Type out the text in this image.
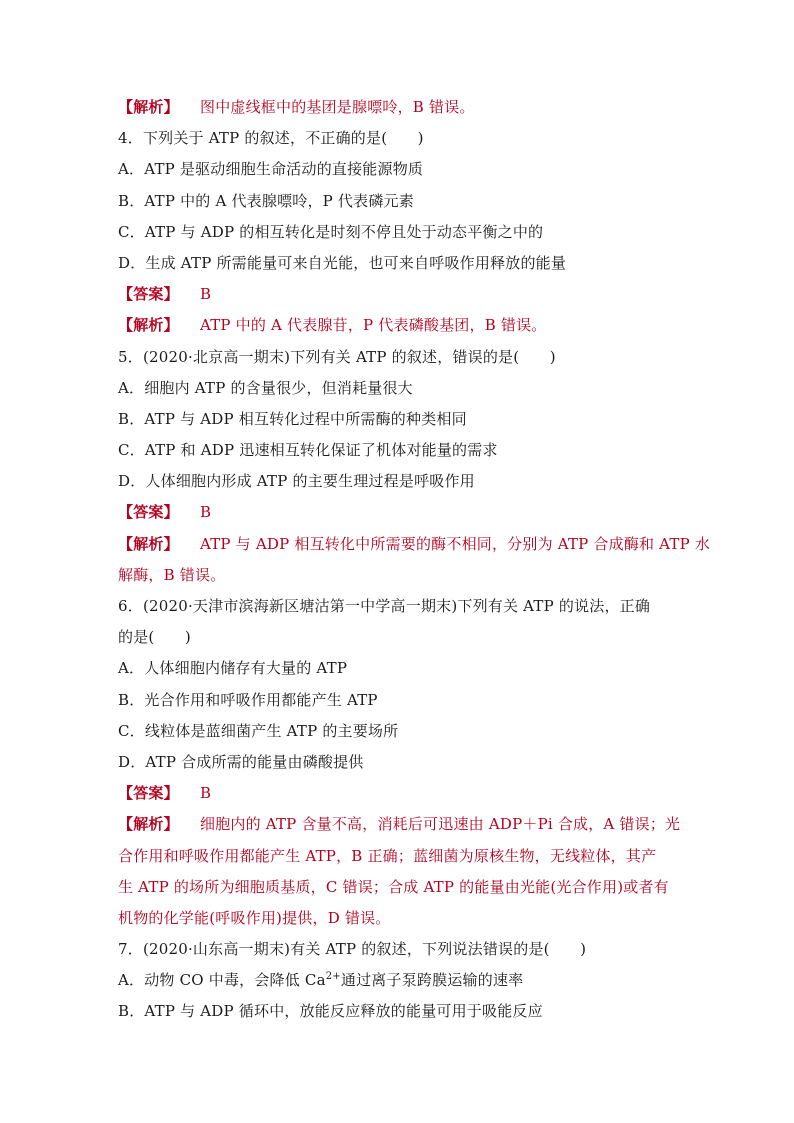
【解析】 图中虚线框中的基团是腺嘌呤，B 错误。
4．下列关于 ATP 的叙述，不正确的是(　　)
A．ATP 是驱动细胞生命活动的直接能源物质
B．ATP 中的 A 代表腺嘌呤，P 代表磷元素
C．ATP 与 ADP 的相互转化是时刻不停且处于动态平衡之中的
D．生成 ATP 所需能量可来自光能，也可来自呼吸作用释放的能量
【答案】 B
【解析】 ATP 中的 A 代表腺苷，P 代表磷酸基团，B 错误。
5．(2020·北京高一期末)下列有关 ATP 的叙述，错误的是(　　)
A．细胞内 ATP 的含量很少，但消耗量很大
B．ATP 与 ADP 相互转化过程中所需酶的种类相同
C．ATP 和 ADP 迅速相互转化保证了机体对能量的需求
D．人体细胞内形成 ATP 的主要生理过程是呼吸作用
【答案】 B
【解析】 ATP 与 ADP 相互转化中所需要的酶不相同，分别为 ATP 合成酶和 ATP 水
解酶，B 错误。
6．(2020·天津市滨海新区塘沽第一中学高一期末)下列有关 ATP 的说法，正确
的是(　　)
A．人体细胞内储存有大量的 ATP
B．光合作用和呼吸作用都能产生 ATP
C．线粒体是蓝细菌产生 ATP 的主要场所
D．ATP 合成所需的能量由磷酸提供
【答案】 B
【解析】 细胞内的 ATP 含量不高，消耗后可迅速由 ADP＋Pi 合成，A 错误；光
合作用和呼吸作用都能产生 ATP，B 正确；蓝细菌为原核生物，无线粒体，其产
生 ATP 的场所为细胞质基质，C 错误；合成 ATP 的能量由光能(光合作用)或者有
机物的化学能(呼吸作用)提供，D 错误。
7．(2020·山东高一期末)有关 ATP 的叙述，下列说法错误的是(　　)
A．动物 CO 中毒，会降低 $Ca^{2+}$通过离子泵跨膜运输的速率
B．ATP 与 ADP 循环中，放能反应释放的能量可用于吸能反应
